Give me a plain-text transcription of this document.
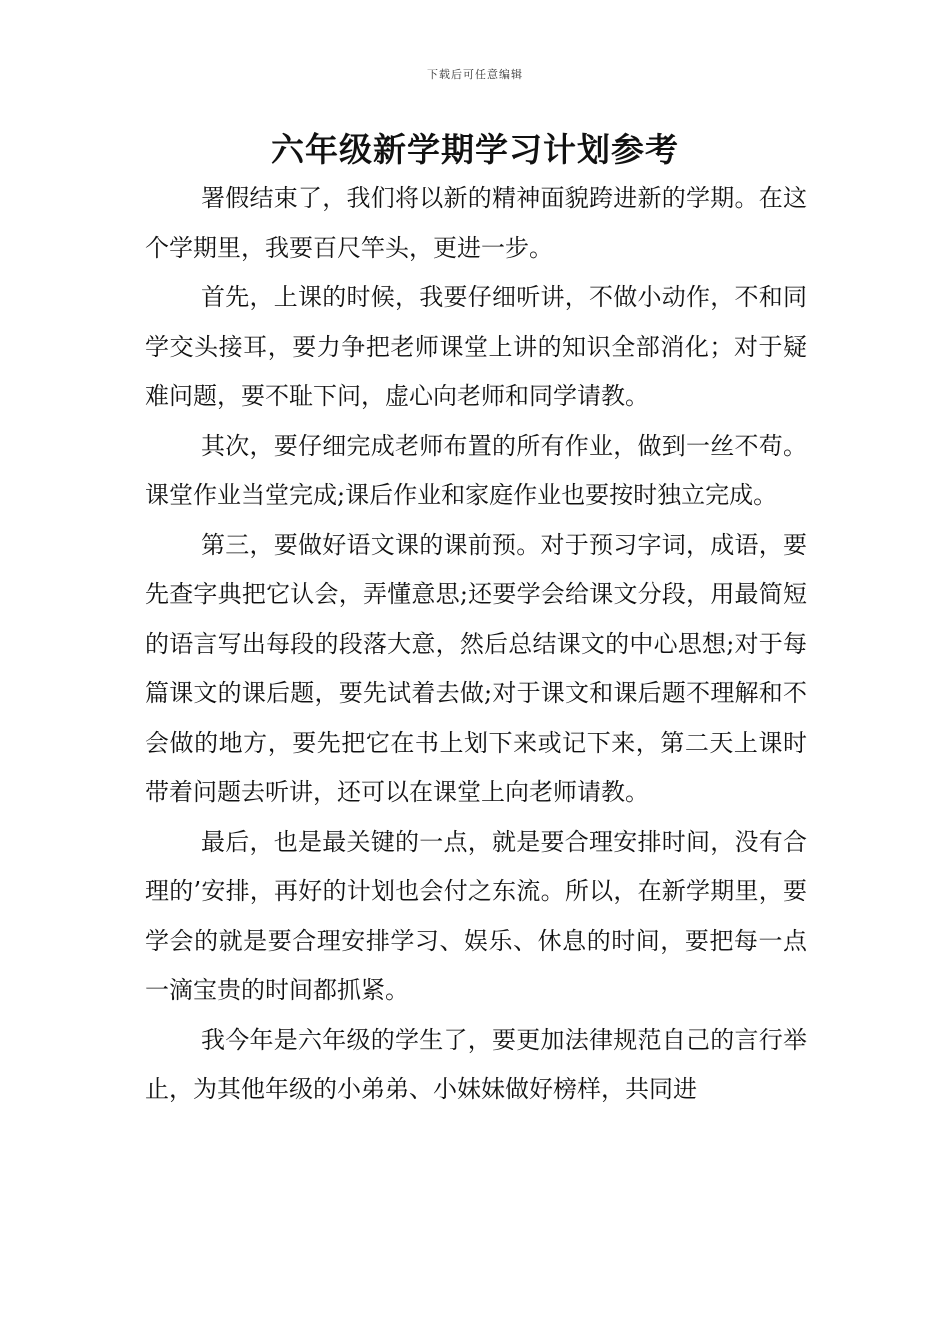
下载后可任意编辑
六年级新学期学习计划参考

署假结束了，我们将以新的精神面貌跨进新的学期。在这个学期里，我要百尺竿头，更进一步。

首先，上课的时候，我要仔细听讲，不做小动作，不和同学交头接耳，要力争把老师课堂上讲的知识全部消化；对于疑难问题，要不耻下问，虚心向老师和同学请教。

其次，要仔细完成老师布置的所有作业，做到一丝不苟。课堂作业当堂完成;课后作业和家庭作业也要按时独立完成。

第三，要做好语文课的课前预。对于预习字词，成语，要先查字典把它认会，弄懂意思;还要学会给课文分段，用最简短的语言写出每段的段落大意，然后总结课文的中心思想;对于每篇课文的课后题，要先试着去做;对于课文和课后题不理解和不会做的地方，要先把它在书上划下来或记下来，第二天上课时带着问题去听讲，还可以在课堂上向老师请教。

最后，也是最关键的一点，就是要合理安排时间，没有合理的’安排，再好的计划也会付之东流。所以，在新学期里，要学会的就是要合理安排学习、娱乐、休息的时间，要把每一点一滴宝贵的时间都抓紧。

我今年是六年级的学生了，要更加法律规范自己的言行举止，为其他年级的小弟弟、小妹妹做好榜样，共同进
